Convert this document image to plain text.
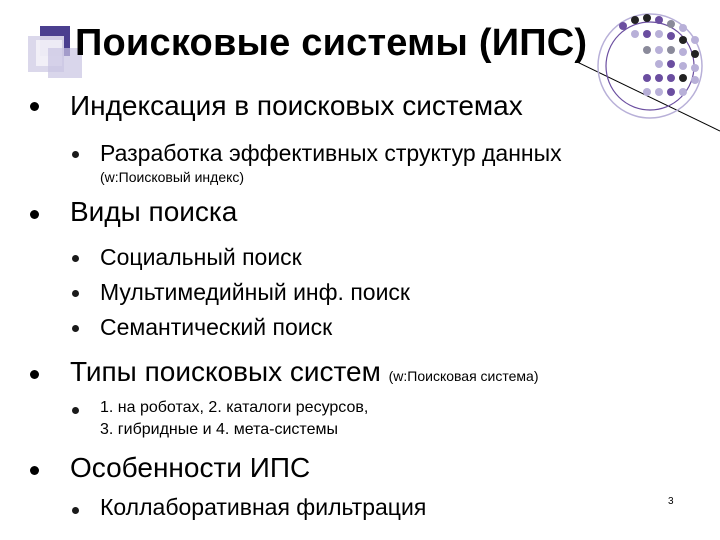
Поисковые системы (ИПС)
Индексация в поисковых системах
Разработка эффективных структур данных
(w:Поисковый индекс)
Виды поиска
Социальный поиск
Мультимедийный инф. поиск
Семантический поиск
Типы поисковых систем (w:Поисковая система)
1. на роботах, 2. каталоги ресурсов,
3. гибридные и 4. мета-системы
Особенности ИПС
Коллаборативная фильтрация	3
